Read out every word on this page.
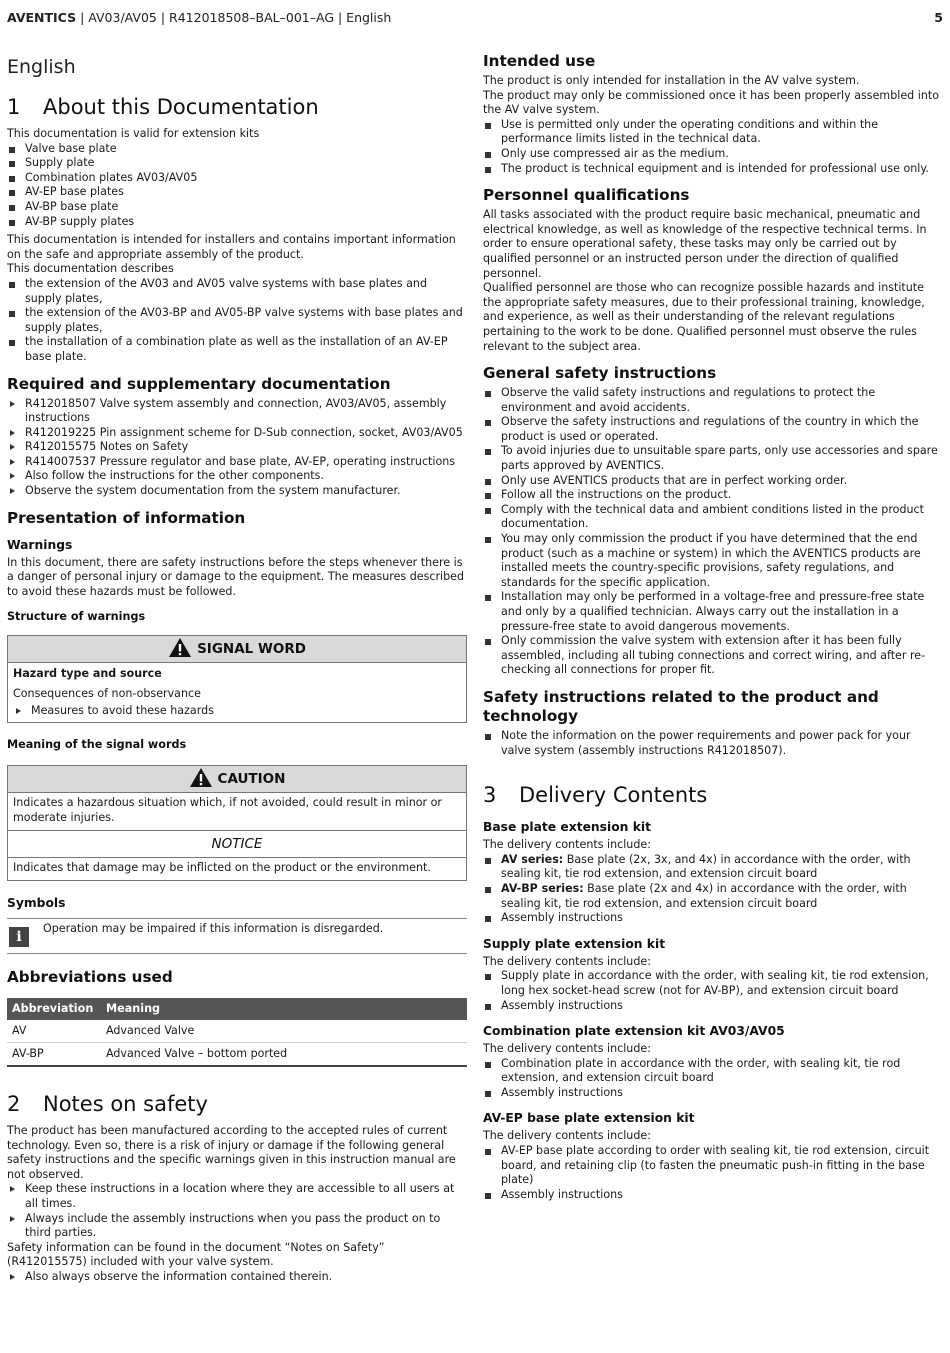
AVENTICS | AV03/AV05 | R412018508–BAL–001–AG | English	5
English
1 About this Documentation

This documentation is valid for extension kits

Valve base plate
Supply plate
Combination plates AV03/AV05
AV-EP base plates
AV-BP base plate
AV-BP supply plates

This documentation is intended for installers and contains important information on the safe and appropriate assembly of the product.

This documentation describes

the extension of the AV03 and AV05 valve systems with base plates and supply plates,
the extension of the AV03-BP and AV05-BP valve systems with base plates and supply plates,
the installation of a combination plate as well as the installation of an AV-EP base plate.
Required and supplementary documentation
R412018507 Valve system assembly and connection, AV03/AV05, assembly instructions
R412019225 Pin assignment scheme for D-Sub connection, socket, AV03/AV05
R412015575 Notes on Safety
R414007537 Pressure regulator and base plate, AV-EP, operating instructions
Also follow the instructions for the other components.
Observe the system documentation from the system manufacturer.
Presentation of information
Warnings

In this document, there are safety instructions before the steps whenever there is a danger of personal injury or damage to the equipment. The measures described to avoid these hazards must be followed.

Structure of warnings
SIGNAL WORD
Hazard type and source
Consequences of non-observance
Measures to avoid these hazards
Meaning of the signal words
CAUTION
Indicates a hazardous situation which, if not avoided, could result in minor or moderate injuries.
NOTICE
Indicates that damage may be inflicted on the product or the environment.
Symbols
i
Operation may be impaired if this information is disregarded.
Abbreviations used
Abbreviation	Meaning
AV	Advanced Valve
AV-BP	Advanced Valve – bottom ported
2 Notes on safety

The product has been manufactured according to the accepted rules of current technology. Even so, there is a risk of injury or damage if the following general safety instructions and the specific warnings given in this instruction manual are not observed.

Keep these instructions in a location where they are accessible to all users at all times.
Always include the assembly instructions when you pass the product on to third parties.

Safety information can be found in the document “Notes on Safety” (R412015575) included with your valve system.

Also always observe the information contained therein.
Intended use

The product is only intended for installation in the AV valve system.

The product may only be commissioned once it has been properly assembled into the AV valve system.

Use is permitted only under the operating conditions and within the performance limits listed in the technical data.
Only use compressed air as the medium.
The product is technical equipment and is intended for professional use only.
Personnel qualifications

All tasks associated with the product require basic mechanical, pneumatic and electrical knowledge, as well as knowledge of the respective technical terms. In order to ensure operational safety, these tasks may only be carried out by qualified personnel or an instructed person under the direction of qualified personnel.

Qualified personnel are those who can recognize possible hazards and institute the appropriate safety measures, due to their professional training, knowledge, and experience, as well as their understanding of the relevant regulations pertaining to the work to be done. Qualified personnel must observe the rules relevant to the subject area.

General safety instructions
Observe the valid safety instructions and regulations to protect the environment and avoid accidents.
Observe the safety instructions and regulations of the country in which the product is used or operated.
To avoid injuries due to unsuitable spare parts, only use accessories and spare parts approved by AVENTICS.
Only use AVENTICS products that are in perfect working order.
Follow all the instructions on the product.
Comply with the technical data and ambient conditions listed in the product documentation.
You may only commission the product if you have determined that the end product (such as a machine or system) in which the AVENTICS products are installed meets the country-specific provisions, safety regulations, and standards for the specific application.
Installation may only be performed in a voltage-free and pressure-free state and only by a qualified technician. Always carry out the installation in a pressure-free state to avoid dangerous movements.
Only commission the valve system with extension after it has been fully assembled, including all tubing connections and correct wiring, and after re-checking all connections for proper fit.
Safety instructions related to the product and technology
Note the information on the power requirements and power pack for your valve system (assembly instructions R412018507).
3 Delivery Contents
Base plate extension kit

The delivery contents include:

AV series: Base plate (2x, 3x, and 4x) in accordance with the order, with sealing kit, tie rod extension, and extension circuit board
AV-BP series: Base plate (2x and 4x) in accordance with the order, with sealing kit, tie rod extension, and extension circuit board
Assembly instructions
Supply plate extension kit

The delivery contents include:

Supply plate in accordance with the order, with sealing kit, tie rod extension, long hex socket-head screw (not for AV-BP), and extension circuit board
Assembly instructions
Combination plate extension kit AV03/AV05

The delivery contents include:

Combination plate in accordance with the order, with sealing kit, tie rod extension, and extension circuit board
Assembly instructions
AV-EP base plate extension kit

The delivery contents include:

AV-EP base plate according to order with sealing kit, tie rod extension, circuit board, and retaining clip (to fasten the pneumatic push-in fitting in the base plate)
Assembly instructions
